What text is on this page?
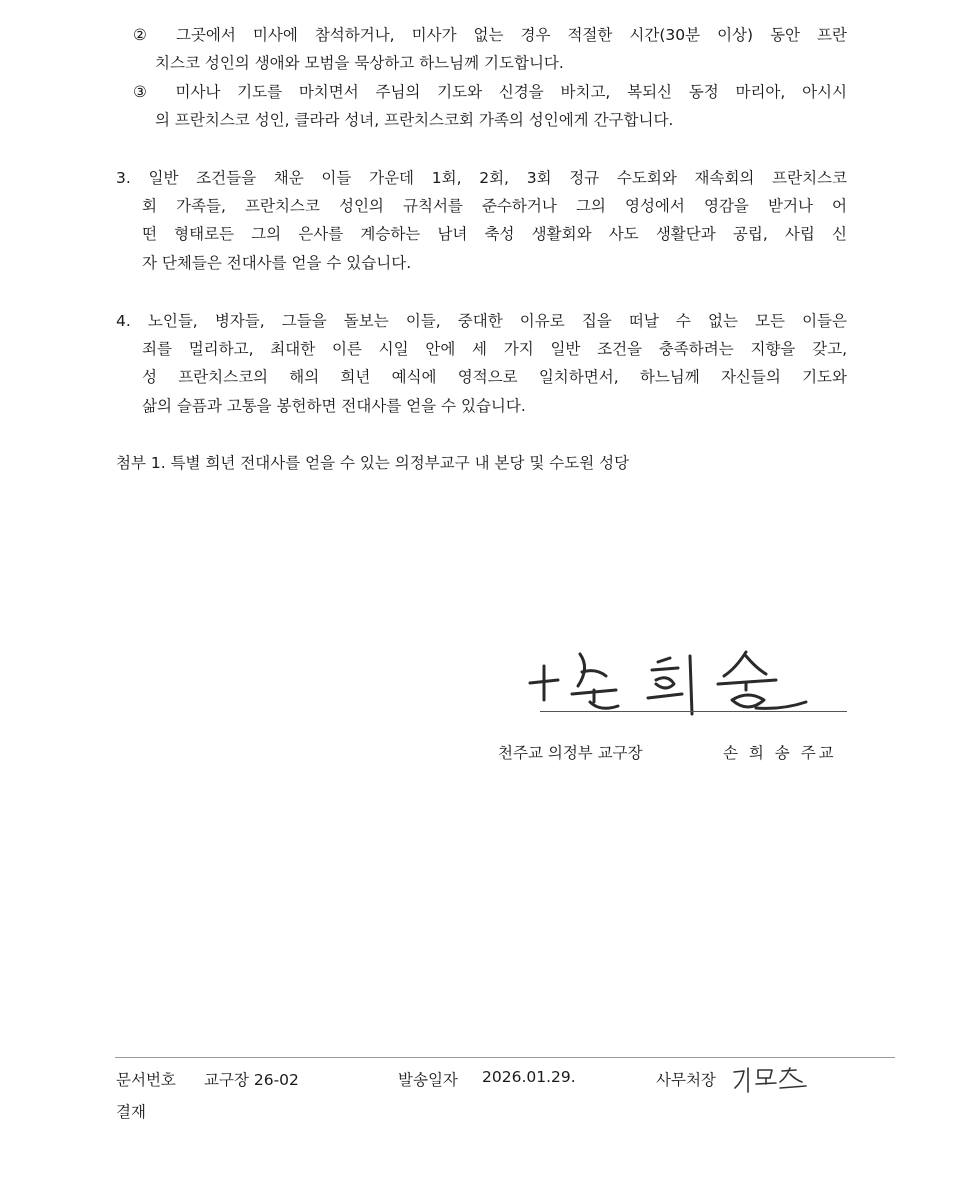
② 그곳에서 미사에 참석하거나, 미사가 없는 경우 적절한 시간(30분 이상) 동안 프란
치스코 성인의 생애와 모범을 묵상하고 하느님께 기도합니다.
③ 미사나 기도를 마치면서 주님의 기도와 신경을 바치고, 복되신 동정 마리아, 아시시
의 프란치스코 성인, 클라라 성녀, 프란치스코회 가족의 성인에게 간구합니다.
3. 일반 조건들을 채운 이들 가운데 1회, 2회, 3회 정규 수도회와 재속회의 프란치스코
회 가족들, 프란치스코 성인의 규칙서를 준수하거나 그의 영성에서 영감을 받거나 어
떤 형태로든 그의 은사를 계승하는 남녀 축성 생활회와 사도 생활단과 공립, 사립 신
자 단체들은 전대사를 얻을 수 있습니다.
4. 노인들, 병자들, 그들을 돌보는 이들, 중대한 이유로 집을 떠날 수 없는 모든 이들은
죄를 멀리하고, 최대한 이른 시일 안에 세 가지 일반 조건을 충족하려는 지향을 갖고,
성 프란치스코의 해의 희년 예식에 영적으로 일치하면서, 하느님께 자신들의 기도와
삶의 슬픔과 고통을 봉헌하면 전대사를 얻을 수 있습니다.
첨부 1. 특별 희년 전대사를 얻을 수 있는 의정부교구 내 본당 및 수도원 성당
천주교 의정부 교구장	손 희 송 주교
문서번호 교구장 26-02	발송일자 2026.01.29.	사무처장
결재
